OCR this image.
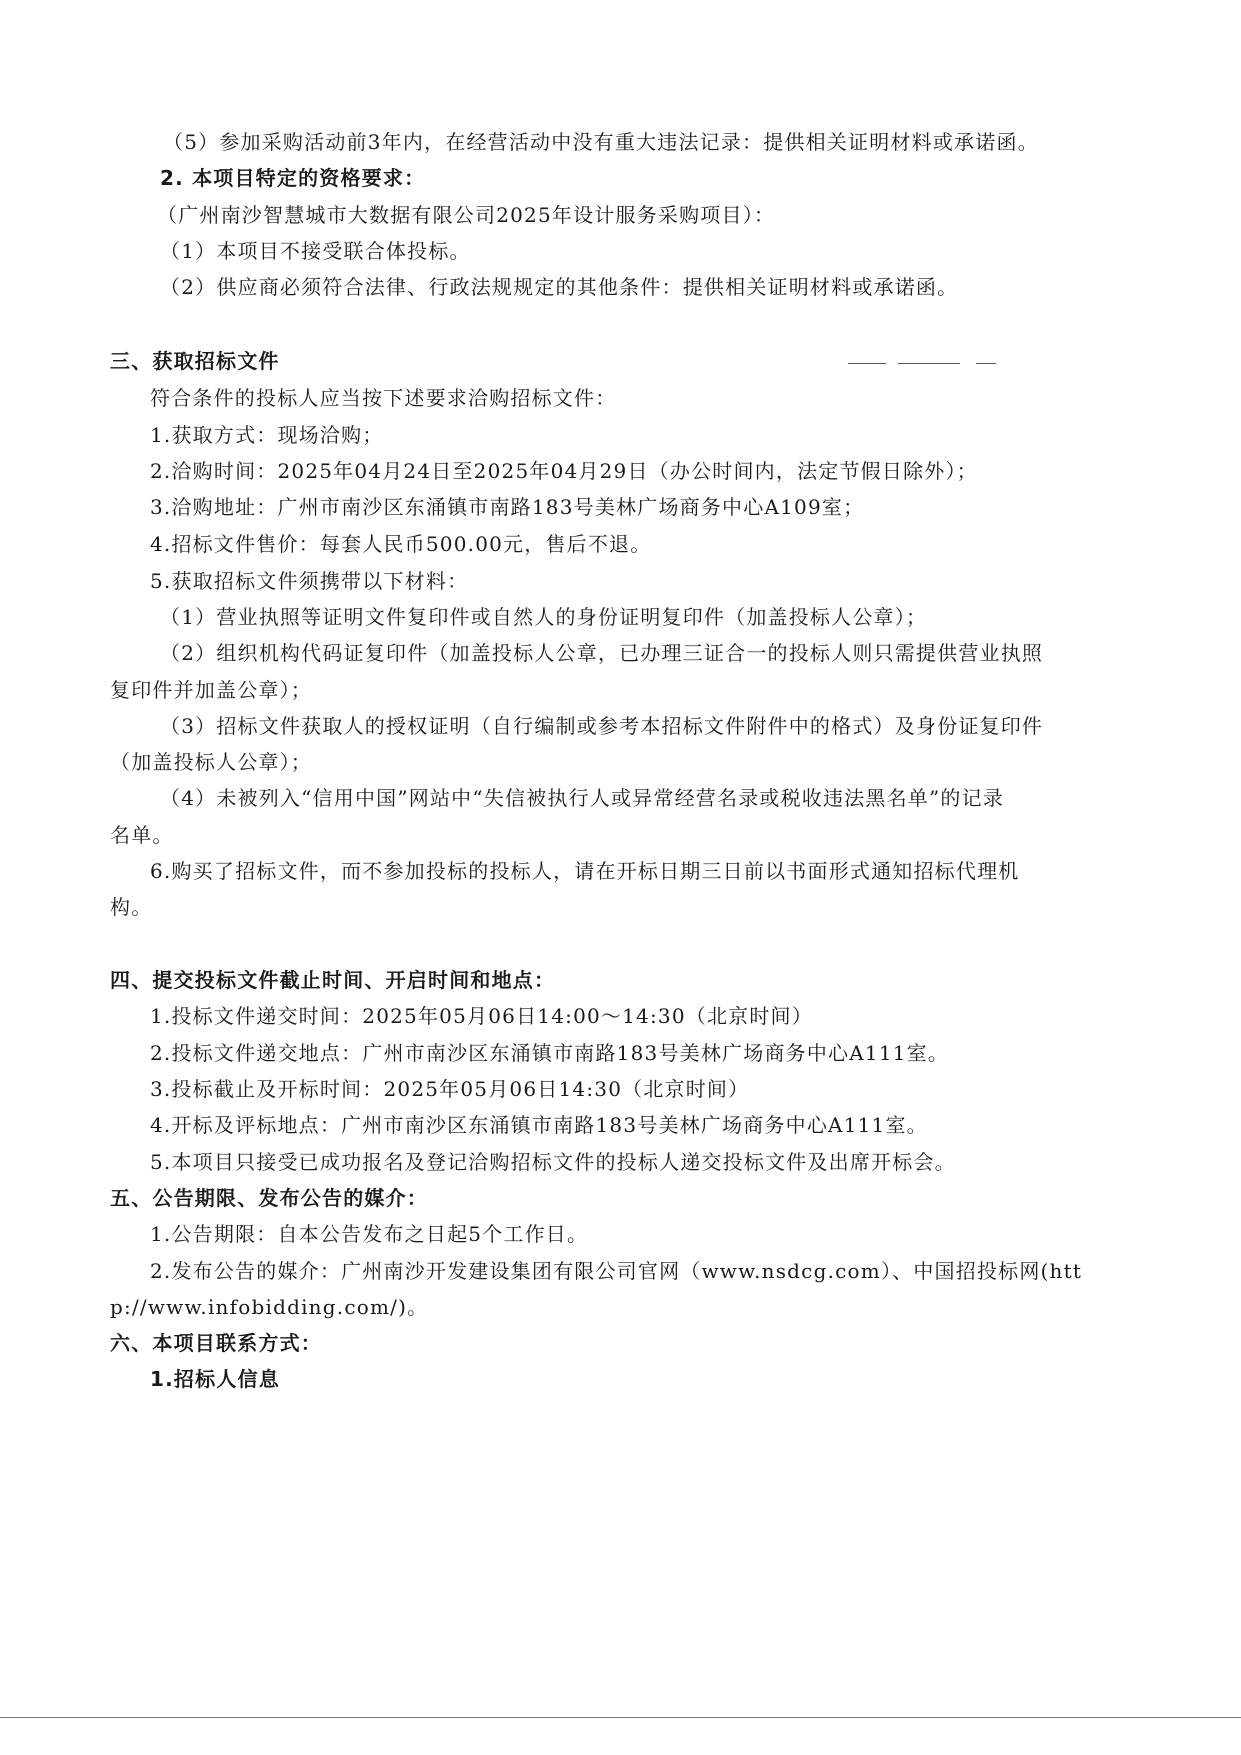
（5）参加采购活动前3年内，在经营活动中没有重大违法记录：提供相关证明材料或承诺函。
2. 本项目特定的资格要求：
（广州南沙智慧城市大数据有限公司2025年设计服务采购项目）：
（1）本项目不接受联合体投标。
（2）供应商必须符合法律、行政法规规定的其他条件：提供相关证明材料或承诺函。
三、获取招标文件
符合条件的投标人应当按下述要求洽购招标文件：
1.获取方式：现场洽购；
2.洽购时间：2025年04月24日至2025年04月29日（办公时间内，法定节假日除外）；
3.洽购地址：广州市南沙区东涌镇市南路183号美林广场商务中心A109室；
4.招标文件售价：每套人民币500.00元，售后不退。
5.获取招标文件须携带以下材料：
（1）营业执照等证明文件复印件或自然人的身份证明复印件（加盖投标人公章）；
（2）组织机构代码证复印件（加盖投标人公章，已办理三证合一的投标人则只需提供营业执照
复印件并加盖公章）；
（3）招标文件获取人的授权证明（自行编制或参考本招标文件附件中的格式）及身份证复印件
（加盖投标人公章）；
（4）未被列入“信用中国”网站中“失信被执行人或异常经营名录或税收违法黑名单”的记录
名单。
6.购买了招标文件，而不参加投标的投标人，请在开标日期三日前以书面形式通知招标代理机
构。
四、提交投标文件截止时间、开启时间和地点：
1.投标文件递交时间：2025年05月06日14:00～14:30（北京时间）
2.投标文件递交地点：广州市南沙区东涌镇市南路183号美林广场商务中心A111室。
3.投标截止及开标时间：2025年05月06日14:30（北京时间）
4.开标及评标地点：广州市南沙区东涌镇市南路183号美林广场商务中心A111室。
5.本项目只接受已成功报名及登记洽购招标文件的投标人递交投标文件及出席开标会。
五、公告期限、发布公告的媒介：
1.公告期限：自本公告发布之日起5个工作日。
2.发布公告的媒介：广州南沙开发建设集团有限公司官网（www.nsdcg.com）、中国招投标网(htt
p://www.infobidding.com/)。
六、本项目联系方式：
1.招标人信息
